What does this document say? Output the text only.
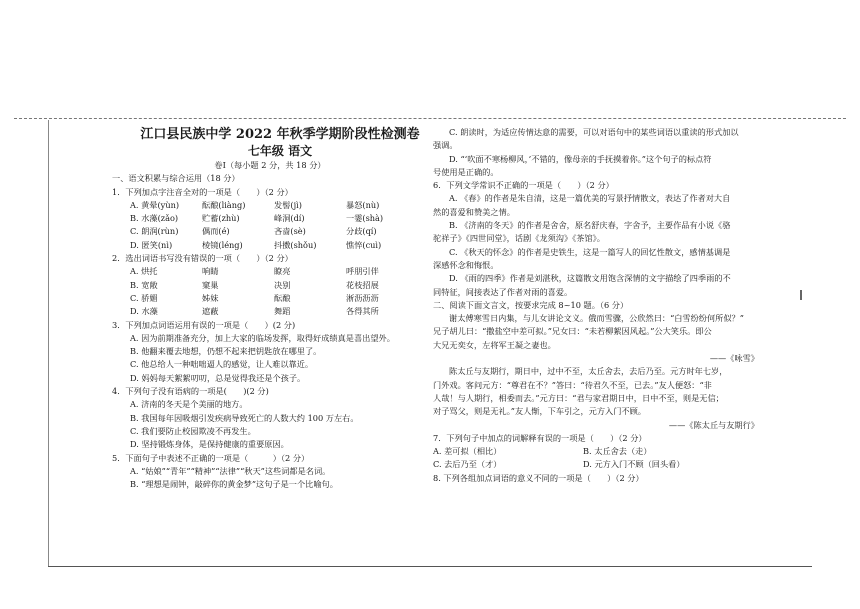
江口县民族中学 2022 年秋季学期阶段性检测卷

七年级 语文

卷Ⅰ（每小题 2 分，共 18 分）

一、语文积累与综合运用（18 分）

1．下列加点字注音全对的一项是（　　）（2 分）

A. 黄晕(yùn)	酝酿(liàng)	发髻(jì)	暴怒(nù)
B. 水藻(zǎo)	贮蓄(zhù)	峰洞(dí)	一霎(shà)
C. 朗润(rùn)	偶而(é)	吝啬(sè)	分歧(qí)
D. 匿笑(nì)	棱镜(léng)	抖擞(shǒu)	憔悴(cuì)

2．选出词语书写没有错误的一项（　　）（2 分）

A. 烘托	响睛	瞭亮	呼朋引伴
B. 宽敞	窠巢	决别	花枝招展
C. 骄媚	姊妹	酝酿	淅沥沥沥
D. 水藻	遮蔽	舞蹈	各得其所

3．下列加点词语运用有误的一项是（　　）(2 分)

A. 因为前期准备充分，加上大家的临场发挥，取得好成绩真是喜出望外。

B. 他翻来覆去地想，仍想不起来把钥匙放在哪里了。

C. 他总给人一种咄咄逼人的感觉，让人难以靠近。

D. 妈妈每天絮絮叨叨，总是觉得我还是个孩子。

4．下列句子没有语病的一项是(　　)(2 分)

A. 济南的冬天是个美丽的地方。

B. 我国每年因吸烟引发疾病导致死亡的人数大约 100 万左右。

C. 我们要防止校园欺凌不再发生。

D. 坚持锻炼身体，是保持健康的重要原因。

5．下面句子中表述不正确的一项是（　　　）（2 分）

A. “姑娘”“青年”“精神”“法律”“秋天”这些词都是名词。

B. “理想是闹钟，敲碎你的黄金梦”这句子是一个比喻句。

C. 朗读时，为适应传情达意的需要，可以对语句中的某些词语以重读的形式加以

强调。

D. “‘吹面不寒杨柳风，’不错的，像母亲的手抚摸着你。”这个句子的标点符

号使用是正确的。

6．下列文学常识不正确的一项是（　　）（2 分）

A. 《春》的作者是朱自清，这是一篇优美的写景抒情散文，表达了作者对大自

然的喜爱和赞美之情。

B. 《济南的冬天》的作者是舍舍，原名舒庆春，字舍予，主要作品有小说《骆

驼祥子》《四世同堂》，话剧《龙须沟》《茶馆》。

C. 《秋天的怀念》的作者是史铁生，这是一篇写人的回忆性散文，感情基调是

深感怀念和悔恨。

D. 《雨的四季》作者是刘湛秋，这篇散文用饱含深情的文字描绘了四季雨的不

同特征，间接表达了作者对雨的喜爱。

二、阅读下面文言文，按要求完成 8~10 题。（6 分）

谢太傅寒雪日内集，与儿女讲论文义。俄而雪骤，公欣然曰：“白雪纷纷何所似？”

兄子胡儿曰：“撒盐空中差可拟。”兄女曰：“未若柳絮因风起。”公大笑乐。即公

大兄无奕女，左将军王凝之妻也。

——《咏雪》

陈太丘与友期行，期日中，过中不至，太丘舍去，去后乃至。元方时年七岁，

门外戏。客问元方：“尊君在不？”答曰：“待君久不至，已去。”友人便怒：“非

人哉！与人期行，相委而去。”元方曰：“君与家君期日中，日中不至，则是无信；

对子骂父，则是无礼。”友人惭，下车引之，元方入门不顾。

——《陈太丘与友期行》

7．下列句子中加点的词解释有误的一项是（　　）（2 分）

A. 差可拟（相比）	B. 太丘舍去（走）
C. 去后乃至（才）	D. 元方入门不顾（回头看）

8. 下列各组加点词语的意义不同的一项是（　　）（2 分）
